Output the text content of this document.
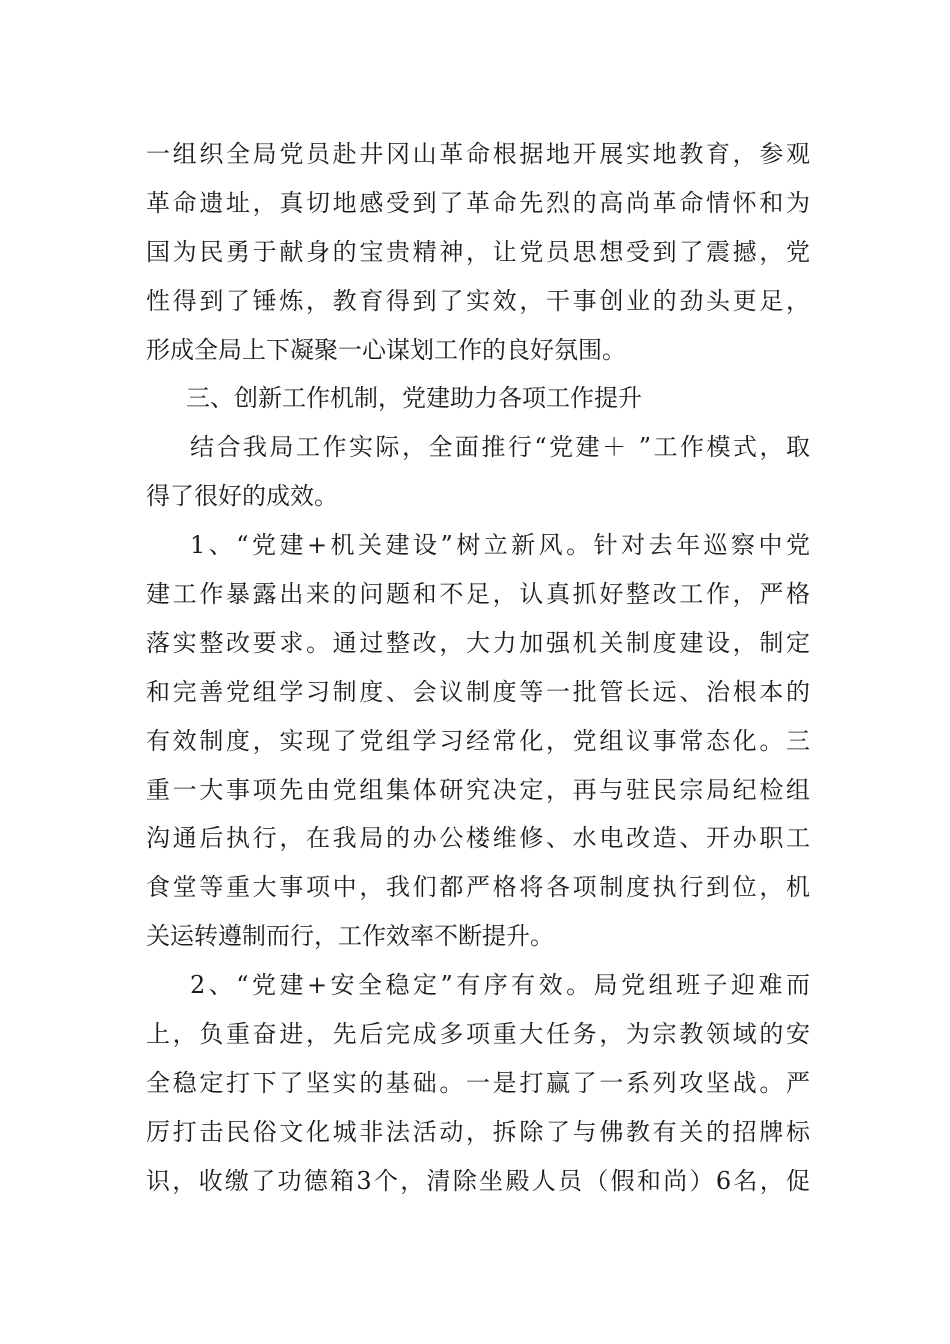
一组织全局党员赴井冈山革命根据地开展实地教育，参观
革命遗址，真切地感受到了革命先烈的高尚革命情怀和为
国为民勇于献身的宝贵精神，让党员思想受到了震撼，党
性得到了锤炼，教育得到了实效，干事创业的劲头更足，
形成全局上下凝聚一心谋划工作的良好氛围。
三、创新工作机制，党建助力各项工作提升
结合我局工作实际，全面推行“党建＋ ”工作模式，取
得了很好的成效。
1、“党建+机关建设”树立新风。针对去年巡察中党
建工作暴露出来的问题和不足，认真抓好整改工作，严格
落实整改要求。通过整改，大力加强机关制度建设，制定
和完善党组学习制度、会议制度等一批管长远、治根本的
有效制度，实现了党组学习经常化，党组议事常态化。三
重一大事项先由党组集体研究决定，再与驻民宗局纪检组
沟通后执行，在我局的办公楼维修、水电改造、开办职工
食堂等重大事项中，我们都严格将各项制度执行到位，机
关运转遵制而行，工作效率不断提升。
2、“党建+安全稳定”有序有效。局党组班子迎难而
上，负重奋进，先后完成多项重大任务，为宗教领域的安
全稳定打下了坚实的基础。一是打赢了一系列攻坚战。严
厉打击民俗文化城非法活动，拆除了与佛教有关的招牌标
识，收缴了功德箱3个，清除坐殿人员（假和尚）6名，促
